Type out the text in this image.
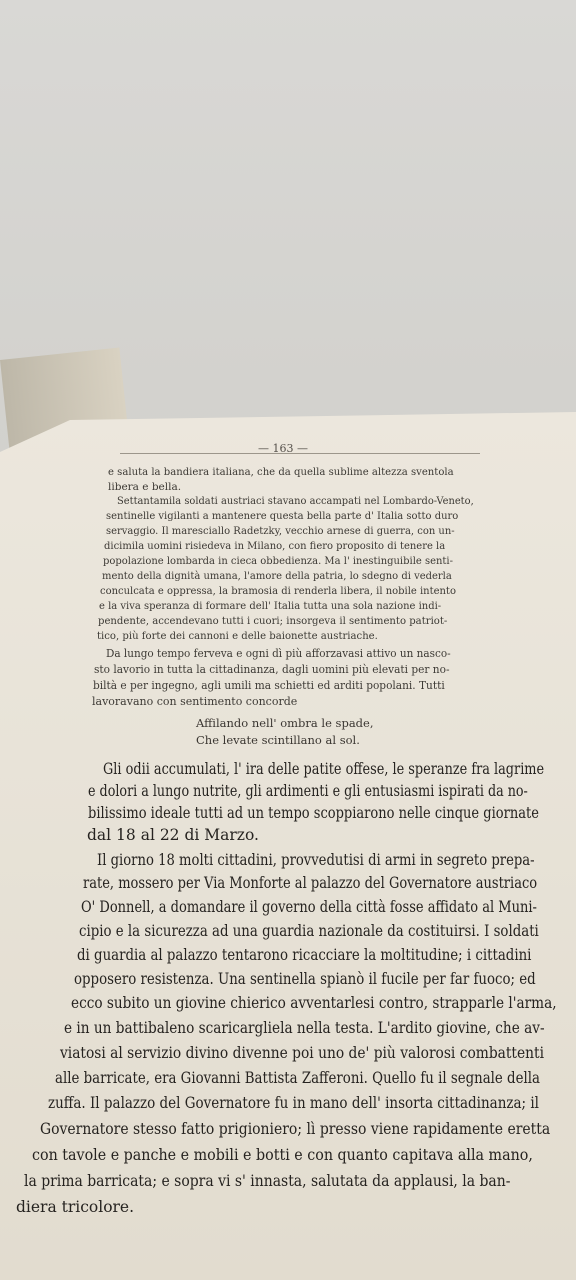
— 163 —
e saluta la bandiera italiana, che da quella sublime altezza sventola
libera e bella.
Settantamila soldati austriaci stavano accampati nel Lombardo-Veneto,
sentinelle vigilanti a mantenere questa bella parte d' Italia sotto duro
servaggio. Il maresciallo Radetzky, vecchio arnese di guerra, con un-
dicimila uomini risiedeva in Milano, con fiero proposito di tenere la
popolazione lombarda in cieca obbedienza. Ma l' inestinguibile senti-
mento della dignità umana, l'amore della patria, lo sdegno di vederla
conculcata e oppressa, la bramosia di renderla libera, il nobile intento
e la viva speranza di formare dell' Italia tutta una sola nazione indi-
pendente, accendevano tutti i cuori; insorgeva il sentimento patriot-
tico, più forte dei cannoni e delle baionette austriache.
Da lungo tempo ferveva e ogni dì più afforzavasi attivo un nasco-
sto lavorio in tutta la cittadinanza, dagli uomini più elevati per no-
biltà e per ingegno, agli umili ma schietti ed arditi popolani. Tutti
lavoravano con sentimento concorde
Affilando nell' ombra le spade,
Che levate scintillano al sol.
Gli odii accumulati, l' ira delle patite offese, le speranze fra lagrime
e dolori a lungo nutrite, gli ardimenti e gli entusiasmi ispirati da no-
bilissimo ideale tutti ad un tempo scoppiarono nelle cinque giornate
dal 18 al 22 di Marzo.
Il giorno 18 molti cittadini, provvedutisi di armi in segreto prepa-
rate, mossero per Via Monforte al palazzo del Governatore austriaco
O' Donnell, a domandare il governo della città fosse affidato al Muni-
cipio e la sicurezza ad una guardia nazionale da costituirsi. I soldati
di guardia al palazzo tentarono ricacciare la moltitudine; i cittadini
opposero resistenza. Una sentinella spianò il fucile per far fuoco; ed
ecco subito un giovine chierico avventarlesi contro, strapparle l'arma,
e in un battibaleno scaricargliela nella testa. L'ardito giovine, che av-
viatosi al servizio divino divenne poi uno de' più valorosi combattenti
alle barricate, era Giovanni Battista Zafferoni. Quello fu il segnale della
zuffa. Il palazzo del Governatore fu in mano dell' insorta cittadinanza; il
Governatore stesso fatto prigioniero; lì presso viene rapidamente eretta
con tavole e panche e mobili e botti e con quanto capitava alla mano,
la prima barricata; e sopra vi s' innasta, salutata da applausi, la ban-
diera tricolore.
